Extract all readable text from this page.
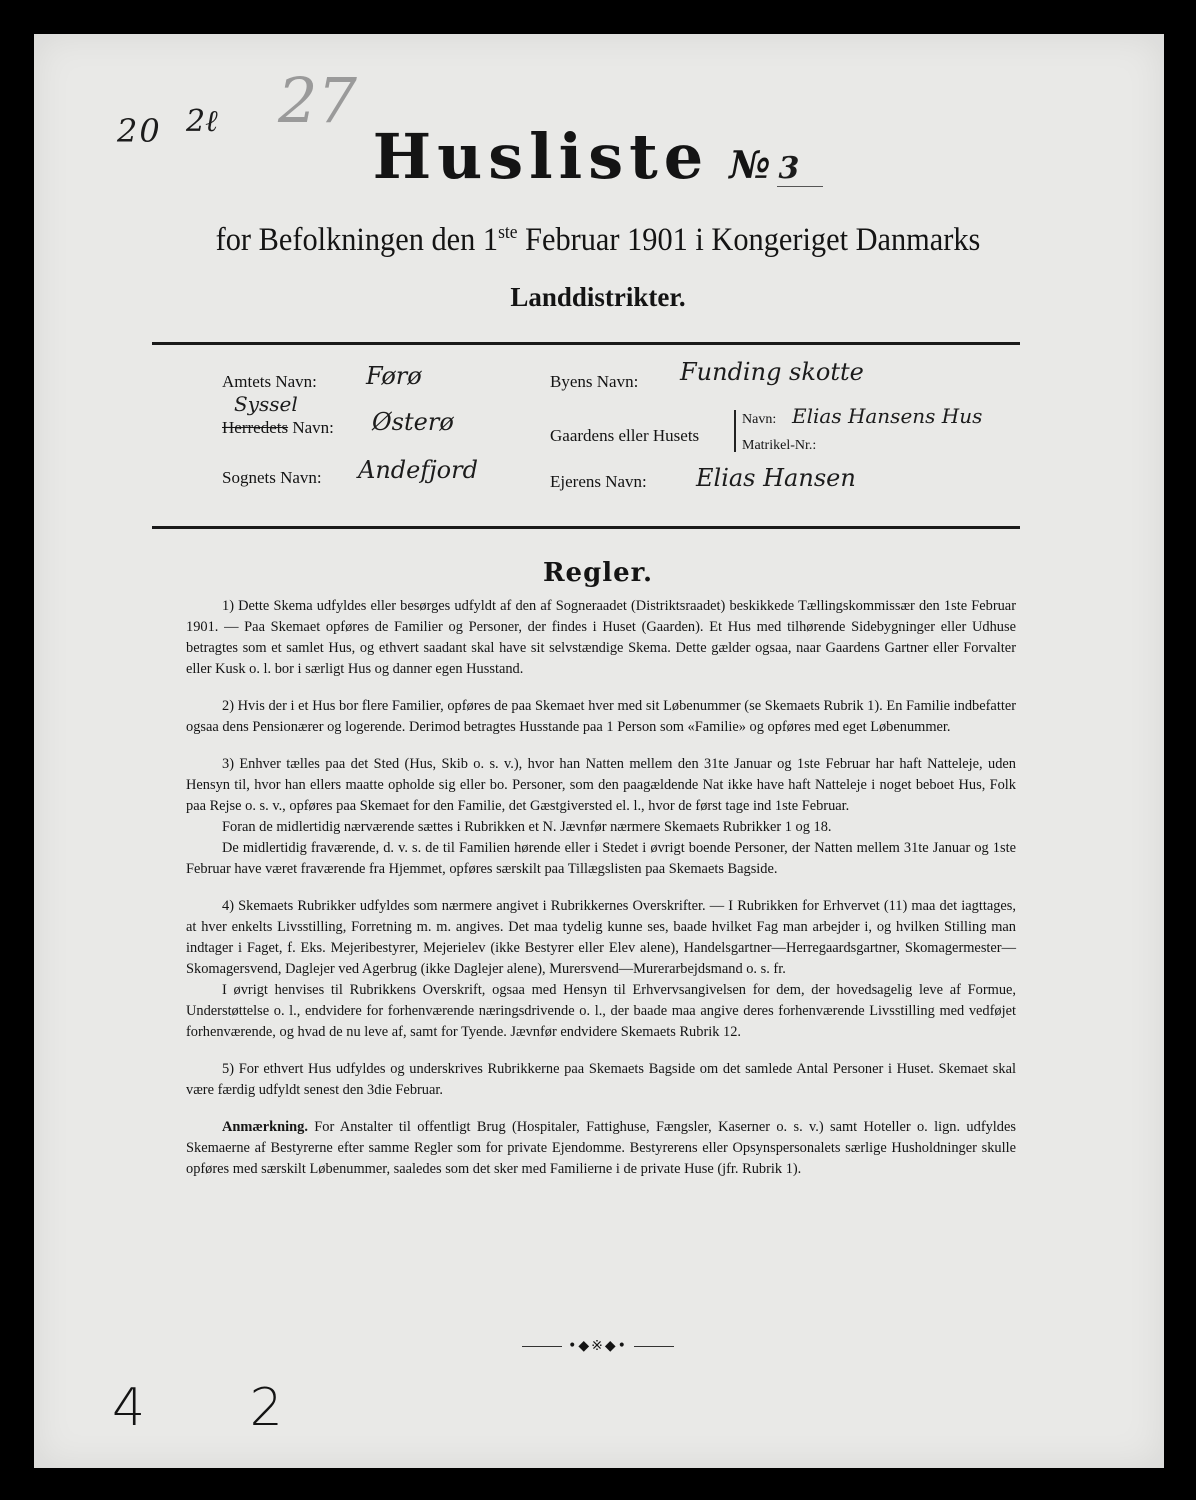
20 2ℓ 27
Husliste № 3
for Befolkningen den 1ste Februar 1901 i Kongeriget Danmarks
Landdistrikter.
Amtets Navn: Førø
Syssel
Herredets Navn: Østerø
Sognets Navn: Andefjord
Byens Navn: Funding skotte
Gaardens eller Husets
Navn: Elias Hansens Hus
Matrikel-Nr.:
Ejerens Navn: Elias Hansen
Regler.

1) Dette Skema udfyldes eller besørges udfyldt af den af Sogneraadet (Distriktsraadet) beskikkede Tællingskommissær den 1ste Februar 1901. — Paa Skemaet opføres de Familier og Personer, der findes i Huset (Gaarden). Et Hus med tilhørende Sidebygninger eller Udhuse betragtes som et samlet Hus, og ethvert saadant skal have sit selvstændige Skema. Dette gælder ogsaa, naar Gaardens Gartner eller Forvalter eller Kusk o. l. bor i særligt Hus og danner egen Husstand.

2) Hvis der i et Hus bor flere Familier, opføres de paa Skemaet hver med sit Løbenummer (se Skemaets Rubrik 1). En Familie indbefatter ogsaa dens Pensionærer og logerende. Derimod betragtes Husstande paa 1 Person som «Familie» og opføres med eget Løbenummer.

3) Enhver tælles paa det Sted (Hus, Skib o. s. v.), hvor han Natten mellem den 31te Januar og 1ste Februar har haft Natteleje, uden Hensyn til, hvor han ellers maatte opholde sig eller bo. Personer, som den paagældende Nat ikke have haft Natteleje i noget beboet Hus, Folk paa Rejse o. s. v., opføres paa Skemaet for den Familie, det Gæstgiversted el. l., hvor de først tage ind 1ste Februar.

Foran de midlertidig nærværende sættes i Rubrikken et N. Jævnfør nærmere Skemaets Rubrikker 1 og 18.

De midlertidig fraværende, d. v. s. de til Familien hørende eller i Stedet i øvrigt boende Personer, der Natten mellem 31te Januar og 1ste Februar have været fraværende fra Hjemmet, opføres særskilt paa Tillægslisten paa Skemaets Bagside.

4) Skemaets Rubrikker udfyldes som nærmere angivet i Rubrikkernes Overskrifter. — I Rubrikken for Erhvervet (11) maa det iagttages, at hver enkelts Livsstilling, Forretning m. m. angives. Det maa tydelig kunne ses, baade hvilket Fag man arbejder i, og hvilken Stilling man indtager i Faget, f. Eks. Mejeribestyrer, Mejerielev (ikke Bestyrer eller Elev alene), Handelsgartner—Herregaardsgartner, Skomagermester—Skomagersvend, Daglejer ved Agerbrug (ikke Daglejer alene), Murersvend—Murerarbejdsmand o. s. fr.

I øvrigt henvises til Rubrikkens Overskrift, ogsaa med Hensyn til Erhvervsangivelsen for dem, der hovedsagelig leve af Formue, Understøttelse o. l., endvidere for forhenværende næringsdrivende o. l., der baade maa angive deres forhenværende Livsstilling med vedføjet forhenværende, og hvad de nu leve af, samt for Tyende. Jævnfør endvidere Skemaets Rubrik 12.

5) For ethvert Hus udfyldes og underskrives Rubrikkerne paa Skemaets Bagside om det samlede Antal Personer i Huset. Skemaet skal være færdig udfyldt senest den 3die Februar.

Anmærkning. For Anstalter til offentligt Brug (Hospitaler, Fattighuse, Fængsler, Kaserner o. s. v.) samt Hoteller o. lign. udfyldes Skemaerne af Bestyrerne efter samme Regler som for private Ejendomme. Bestyrerens eller Opsynspersonalets særlige Husholdninger skulle opføres med særskilt Løbenummer, saaledes som det sker med Familierne i de private Huse (jfr. Rubrik 1).

•◆※◆•
4 2
